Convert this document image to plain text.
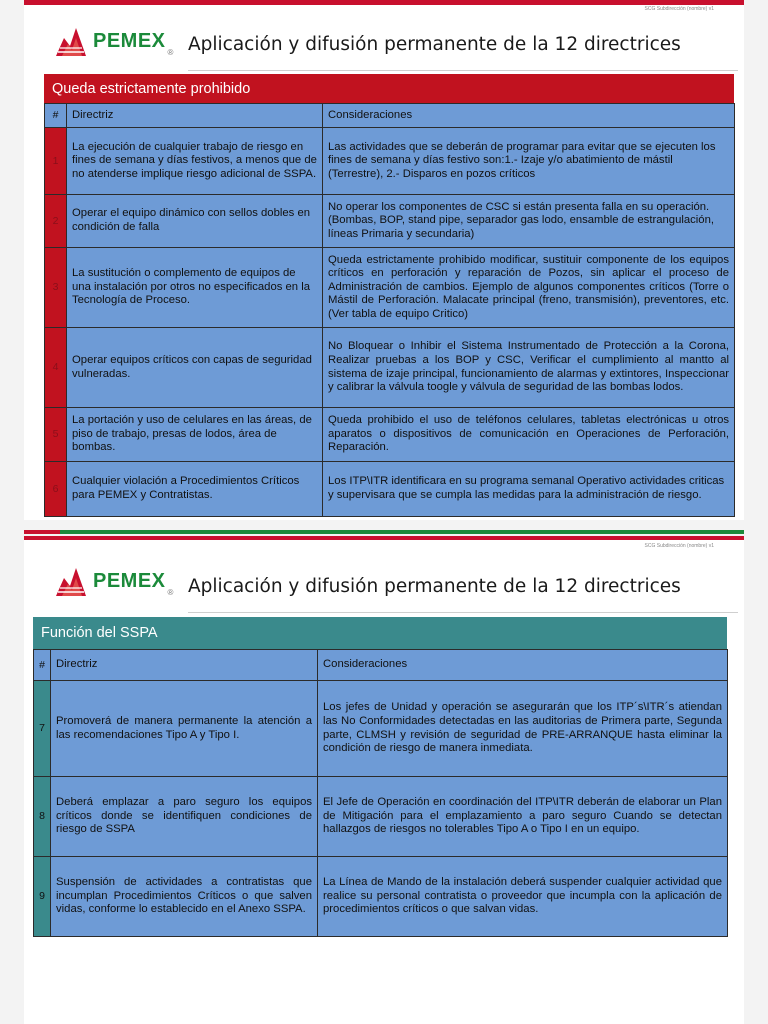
SCG Subdirección (nombre) v1
PEMEX
® Aplicación y difusión permanente de la 12 directrices
Queda estrictamente prohibido
#	Directriz	Consideraciones
1	La ejecución de cualquier trabajo de riesgo en fines de semana y días festivos, a menos que de no atenderse implique riesgo adicional de SSPA.	Las actividades que se deberán de programar para evitar que se ejecuten los fines de semana y días festivo son:1.- Izaje y/o abatimiento de mástil (Terrestre), 2.- Disparos en pozos críticos
2	Operar el equipo dinámico con sellos dobles en condición de falla	No operar los componentes de CSC si están presenta falla en su operación. (Bombas, BOP, stand pipe, separador gas lodo, ensamble de estrangulación, líneas Primaria y secundaria)
3	La sustitución o complemento de equipos de una instalación por otros no especificados en la Tecnología de Proceso.	Queda estrictamente prohibido modificar, sustituir componente de los equipos críticos en perforación y reparación de Pozos, sin aplicar el proceso de Administración de cambios. Ejemplo de algunos componentes críticos (Torre o Mástil de Perforación. Malacate principal (freno, transmisión), preventores, etc. (Ver tabla de equipo Critico)
4	Operar equipos críticos con capas de seguridad vulneradas.	No Bloquear o Inhibir el Sistema Instrumentado de Protección a la Corona, Realizar pruebas a los BOP y CSC, Verificar el cumplimiento al mantto al sistema de izaje principal, funcionamiento de alarmas y extintores, Inspeccionar y calibrar la válvula toogle y válvula de seguridad de las bombas lodos.
5	La portación y uso de celulares en las áreas, de piso de trabajo, presas de lodos, área de bombas.	Queda prohibido el uso de teléfonos celulares, tabletas electrónicas u otros aparatos o dispositivos de comunicación en Operaciones de Perforación, Reparación.
6	Cualquier violación a Procedimientos Críticos para PEMEX y Contratistas.	Los ITP\ITR identificara en su programa semanal Operativo actividades criticas y supervisara que se cumpla las medidas para la administración de riesgo.
SCG Subdirección (nombre) v1
PEMEX
® Aplicación y difusión permanente de la 12 directrices
Función del SSPA
#	Directriz	Consideraciones
7	Promoverá de manera permanente la atención a las recomendaciones Tipo A y Tipo I.	Los jefes de Unidad y operación se asegurarán que los ITP´s\ITR´s atiendan las No Conformidades detectadas en las auditorias de Primera parte, Segunda parte, CLMSH y revisión de seguridad de PRE-ARRANQUE hasta eliminar la condición de riesgo de manera inmediata.
8	Deberá emplazar a paro seguro los equipos críticos donde se identifiquen condiciones de riesgo de SSPA	El Jefe de Operación en coordinación del ITP\ITR deberán de elaborar un Plan de Mitigación para el emplazamiento a paro seguro Cuando se detectan hallazgos de riesgos no tolerables Tipo A o Tipo I en un equipo.
9	Suspensión de actividades a contratistas que incumplan Procedimientos Críticos o que salven vidas, conforme lo establecido en el Anexo SSPA.	La Línea de Mando de la instalación deberá suspender cualquier actividad que realice su personal contratista o proveedor que incumpla con la aplicación de procedimientos críticos o que salvan vidas.
